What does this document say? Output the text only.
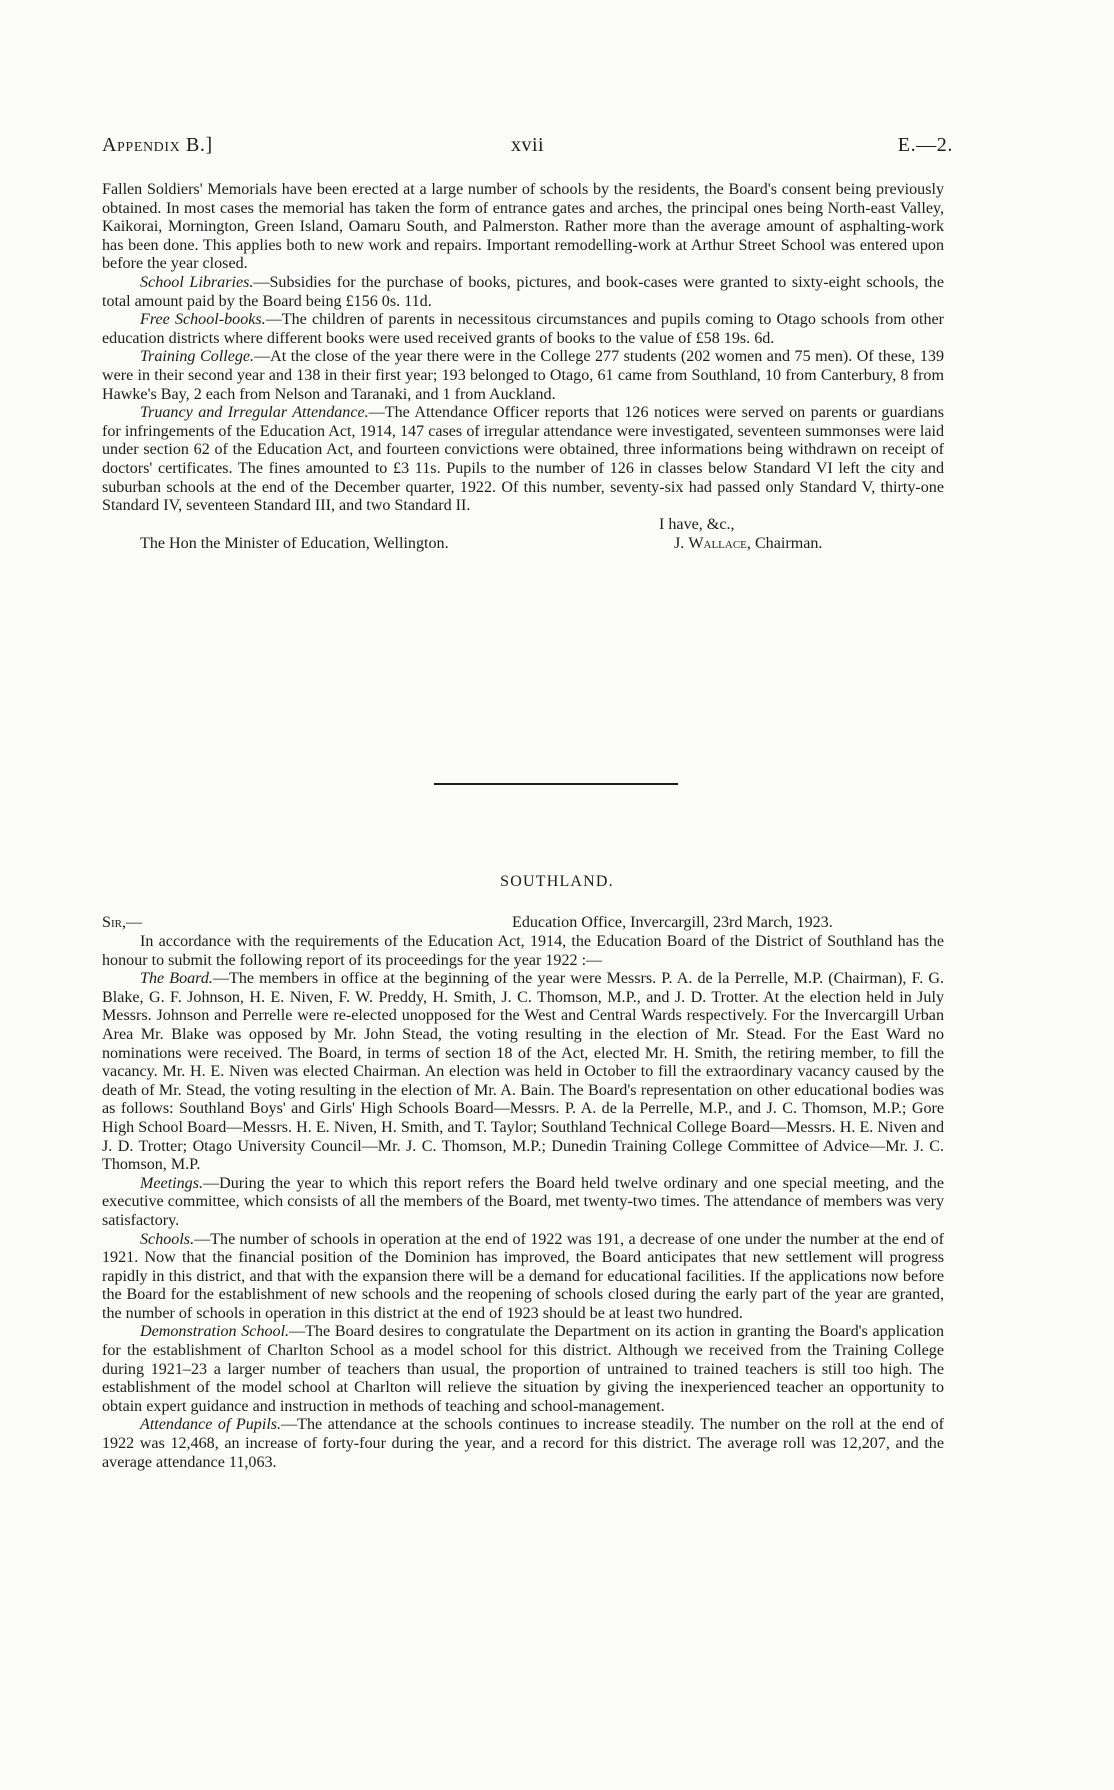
Appendix B.]	xvii	E.—2.

Fallen Soldiers' Memorials have been erected at a large number of schools by the residents, the Board's consent being previously obtained. In most cases the memorial has taken the form of entrance gates and arches, the principal ones being North-east Valley, Kaikorai, Mornington, Green Island, Oamaru South, and Palmerston. Rather more than the average amount of asphalting-work has been done. This applies both to new work and repairs. Important remodelling-work at Arthur Street School was entered upon before the year closed.

School Libraries.—Subsidies for the purchase of books, pictures, and book-cases were granted to sixty-eight schools, the total amount paid by the Board being £156 0s. 11d.

Free School-books.—The children of parents in necessitous circumstances and pupils coming to Otago schools from other education districts where different books were used received grants of books to the value of £58 19s. 6d.

Training College.—At the close of the year there were in the College 277 students (202 women and 75 men). Of these, 139 were in their second year and 138 in their first year; 193 belonged to Otago, 61 came from Southland, 10 from Canterbury, 8 from Hawke's Bay, 2 each from Nelson and Taranaki, and 1 from Auckland.

Truancy and Irregular Attendance.—The Attendance Officer reports that 126 notices were served on parents or guardians for infringements of the Education Act, 1914, 147 cases of irregular attendance were investigated, seventeen summonses were laid under section 62 of the Education Act, and fourteen convictions were obtained, three informations being withdrawn on receipt of doctors' certificates. The fines amounted to £3 11s. Pupils to the number of 126 in classes below Standard VI left the city and suburban schools at the end of the December quarter, 1922. Of this number, seventy-six had passed only Standard V, thirty-one Standard IV, seventeen Standard III, and two Standard II.

I have, &c.,
The Hon the Minister of Education, Wellington.	J. Wallace, Chairman.
SOUTHLAND.
Sir,—	Education Office, Invercargill, 23rd March, 1923.

In accordance with the requirements of the Education Act, 1914, the Education Board of the District of Southland has the honour to submit the following report of its proceedings for the year 1922 :—

The Board.—The members in office at the beginning of the year were Messrs. P. A. de la Perrelle, M.P. (Chairman), F. G. Blake, G. F. Johnson, H. E. Niven, F. W. Preddy, H. Smith, J. C. Thomson, M.P., and J. D. Trotter. At the election held in July Messrs. Johnson and Perrelle were re-elected unopposed for the West and Central Wards respectively. For the Invercargill Urban Area Mr. Blake was opposed by Mr. John Stead, the voting resulting in the election of Mr. Stead. For the East Ward no nominations were received. The Board, in terms of section 18 of the Act, elected Mr. H. Smith, the retiring member, to fill the vacancy. Mr. H. E. Niven was elected Chairman. An election was held in October to fill the extraordinary vacancy caused by the death of Mr. Stead, the voting resulting in the election of Mr. A. Bain. The Board's representation on other educational bodies was as follows: Southland Boys' and Girls' High Schools Board—Messrs. P. A. de la Perrelle, M.P., and J. C. Thomson, M.P.; Gore High School Board—Messrs. H. E. Niven, H. Smith, and T. Taylor; Southland Technical College Board—Messrs. H. E. Niven and J. D. Trotter; Otago University Council—Mr. J. C. Thomson, M.P.; Dunedin Training College Committee of Advice—Mr. J. C. Thomson, M.P.

Meetings.—During the year to which this report refers the Board held twelve ordinary and one special meeting, and the executive committee, which consists of all the members of the Board, met twenty-two times. The attendance of members was very satisfactory.

Schools.—The number of schools in operation at the end of 1922 was 191, a decrease of one under the number at the end of 1921. Now that the financial position of the Dominion has improved, the Board anticipates that new settlement will progress rapidly in this district, and that with the expansion there will be a demand for educational facilities. If the applications now before the Board for the establishment of new schools and the reopening of schools closed during the early part of the year are granted, the number of schools in operation in this district at the end of 1923 should be at least two hundred.

Demonstration School.—The Board desires to congratulate the Department on its action in granting the Board's application for the establishment of Charlton School as a model school for this district. Although we received from the Training College during 1921–23 a larger number of teachers than usual, the proportion of untrained to trained teachers is still too high. The establishment of the model school at Charlton will relieve the situation by giving the inexperienced teacher an opportunity to obtain expert guidance and instruction in methods of teaching and school-management.

Attendance of Pupils.—The attendance at the schools continues to increase steadily. The number on the roll at the end of 1922 was 12,468, an increase of forty-four during the year, and a record for this district. The average roll was 12,207, and the average attendance 11,063.
